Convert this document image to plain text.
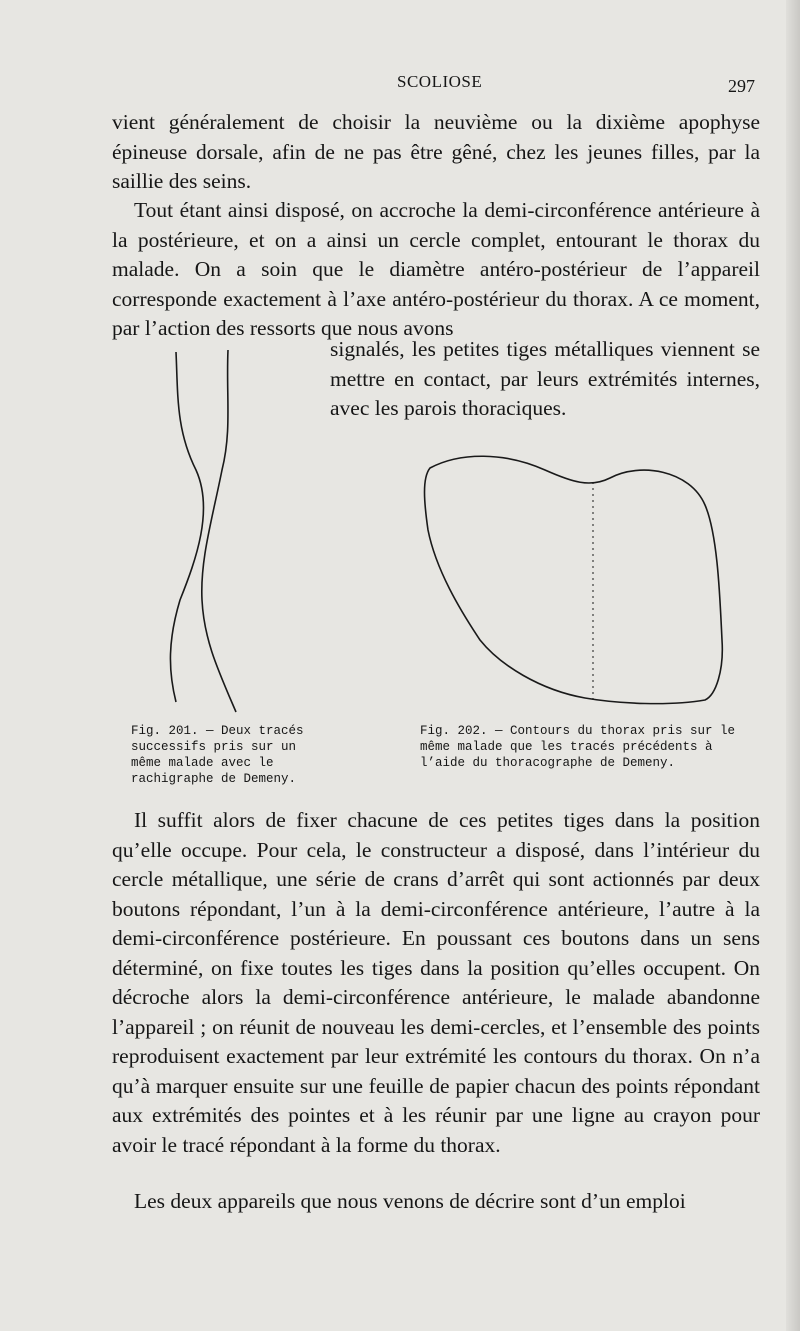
SCOLIOSE	297

vient généralement de choisir la neuvième ou la dixième apophyse épineuse dorsale, afin de ne pas être gêné, chez les jeunes filles, par la saillie des seins.

Tout étant ainsi disposé, on accroche la demi-circonférence antérieure à la postérieure, et on a ainsi un cercle complet, entourant le thorax du malade. On a soin que le diamètre antéro-postérieur de l’appareil corresponde exactement à l’axe antéro-postérieur du thorax. A ce moment, par l’action des ressorts que nous avons

signalés, les petites tiges métalliques viennent se mettre en contact, par leurs extrémités internes, avec les parois thoraciques.

Fig. 201. — Deux tracés successifs pris sur un même malade avec le rachigraphe de Demeny.

Fig. 202. — Contours du thorax pris sur le même malade que les tracés précédents à l’aide du thoracographe de Demeny.

Il suffit alors de fixer chacune de ces petites tiges dans la position qu’elle occupe. Pour cela, le constructeur a disposé, dans l’intérieur du cercle métallique, une série de crans d’arrêt qui sont actionnés par deux boutons répondant, l’un à la demi-circonférence antérieure, l’autre à la demi-circonférence postérieure. En poussant ces boutons dans un sens déterminé, on fixe toutes les tiges dans la position qu’elles occupent. On décroche alors la demi-circonférence antérieure, le malade abandonne l’appareil ; on réunit de nouveau les demi-cercles, et l’ensemble des points reproduisent exactement par leur extrémité les contours du thorax. On n’a qu’à marquer ensuite sur une feuille de papier chacun des points répondant aux extrémités des pointes et à les réunir par une ligne au crayon pour avoir le tracé répondant à la forme du thorax.

Les deux appareils que nous venons de décrire sont d’un emploi
